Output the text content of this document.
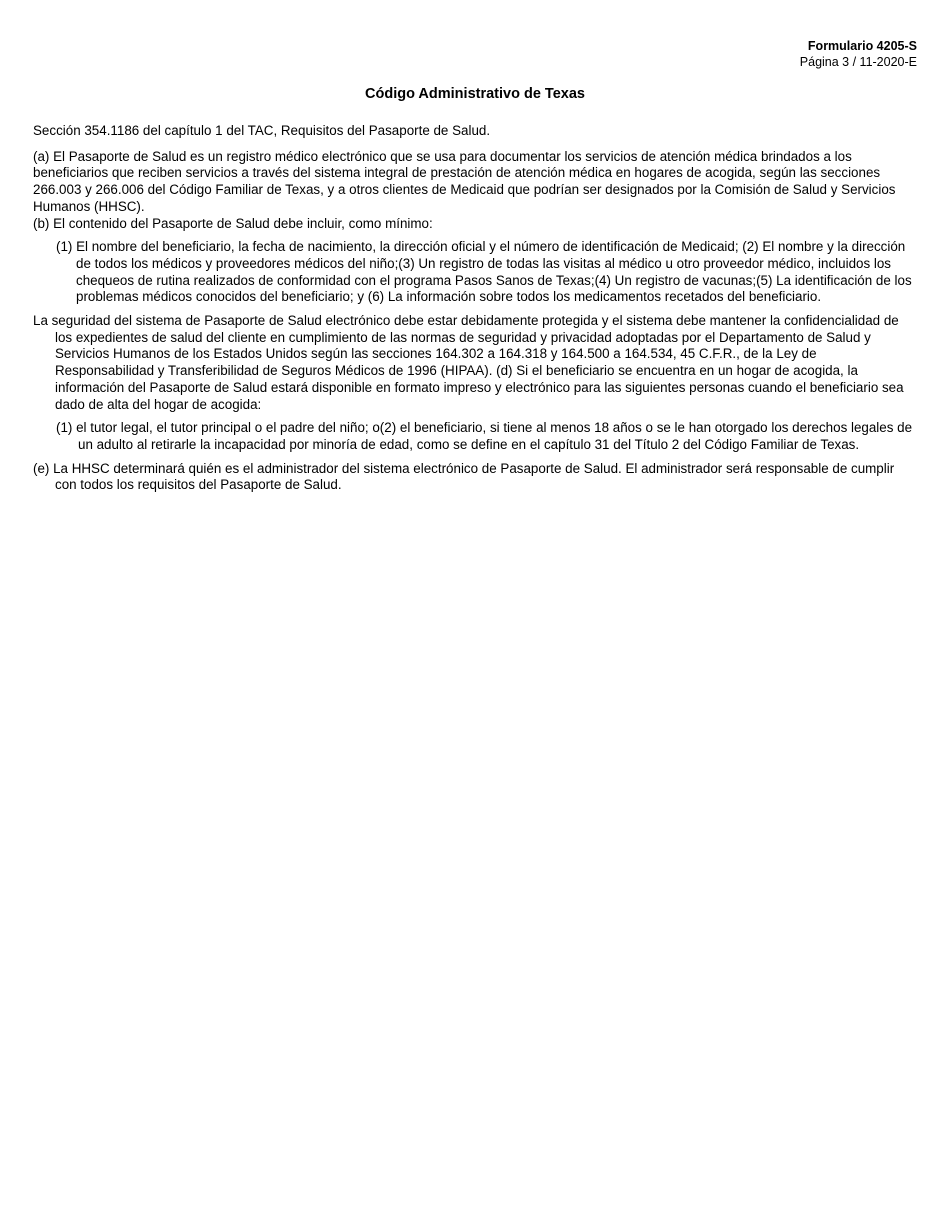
Formulario 4205-S
Página 3 / 11-2020-E
Código Administrativo de Texas

Sección 354.1186 del capítulo 1 del TAC, Requisitos del Pasaporte de Salud.

(a) El Pasaporte de Salud es un registro médico electrónico que se usa para documentar los servicios de atención médica brindados a los beneficiarios que reciben servicios a través del sistema integral de prestación de atención médica en hogares de acogida, según las secciones 266.003 y 266.006 del Código Familiar de Texas, y a otros clientes de Medicaid que podrían ser designados por la Comisión de Salud y Servicios Humanos (HHSC).

(b) El contenido del Pasaporte de Salud debe incluir, como mínimo:

(1) El nombre del beneficiario, la fecha de nacimiento, la dirección oficial y el número de identificación de Medicaid; (2) El nombre y la dirección de todos los médicos y proveedores médicos del niño;(3) Un registro de todas las visitas al médico u otro proveedor médico, incluidos los chequeos de rutina realizados de conformidad con el programa Pasos Sanos de Texas;(4) Un registro de vacunas;(5) La identificación de los problemas médicos conocidos del beneficiario; y (6) La información sobre todos los medicamentos recetados del beneficiario.

La seguridad del sistema de Pasaporte de Salud electrónico debe estar debidamente protegida y el sistema debe mantener la confidencialidad de los expedientes de salud del cliente en cumplimiento de las normas de seguridad y privacidad adoptadas por el Departamento de Salud y Servicios Humanos de los Estados Unidos según las secciones 164.302 a 164.318 y 164.500 a 164.534, 45 C.F.R., de la Ley de Responsabilidad y Transferibilidad de Seguros Médicos de 1996 (HIPAA). (d) Si el beneficiario se encuentra en un hogar de acogida, la información del Pasaporte de Salud estará disponible en formato impreso y electrónico para las siguientes personas cuando el beneficiario sea dado de alta del hogar de acogida:

(1) el tutor legal, el tutor principal o el padre del niño; o(2) el beneficiario, si tiene al menos 18 años o se le han otorgado los derechos legales de un adulto al retirarle la incapacidad por minoría de edad, como se define en el capítulo 31 del Título 2 del Código Familiar de Texas.

(e) La HHSC determinará quién es el administrador del sistema electrónico de Pasaporte de Salud. El administrador será responsable de cumplir con todos los requisitos del Pasaporte de Salud.
